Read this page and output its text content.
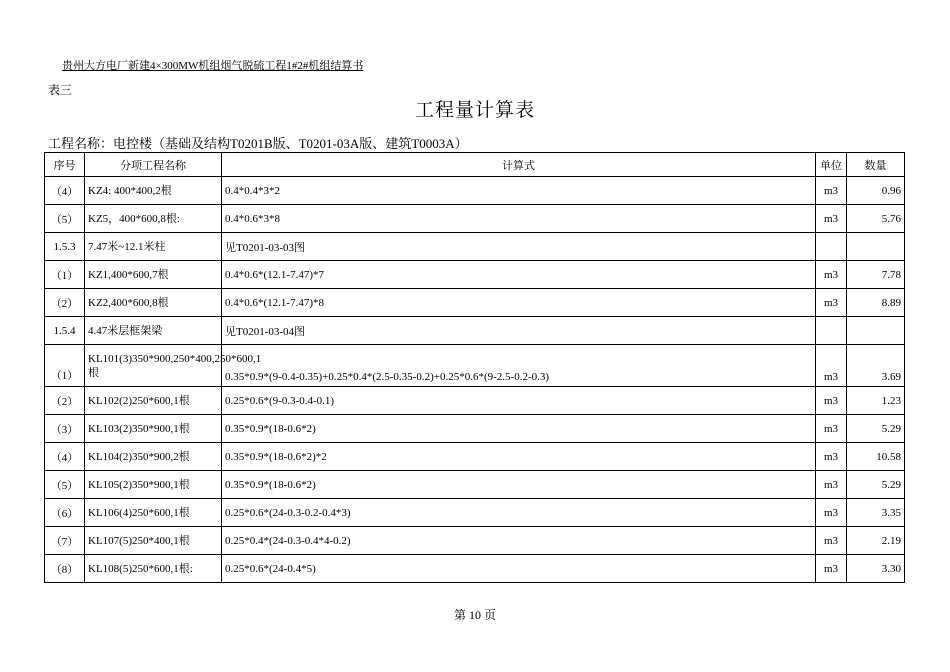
贵州大方电厂新建4×300MW机组烟气脱硫工程1#2#机组结算书
表三
工程量计算表
工程名称：电控楼（基础及结构T0201B版、T0201-03A版、建筑T0003A）
序号	分项工程名称	计算式	单位	数量
（4）	KZ4: 400*400,2根	0.4*0.4*3*2	m3	0.96
（5）	KZ5，400*600,8根:	0.4*0.6*3*8	m3	5.76
1.5.3	7.47米~12.1米柱	见T0201-03-03图		
（1）	KZ1,400*600,7根	0.4*0.6*(12.1-7.47)*7	m3	7.78
（2）	KZ2,400*600,8根	0.4*0.6*(12.1-7.47)*8	m3	8.89
1.5.4	4.47米层框架梁	见T0201-03-04图		
（1）	KL101(3)350*900,250*400,250*600,1根	0.35*0.9*(9-0.4-0.35)+0.25*0.4*(2.5-0.35-0.2)+0.25*0.6*(9-2.5-0.2-0.3)	m3	3.69
（2）	KL102(2)250*600,1根	0.25*0.6*(9-0.3-0.4-0.1)	m3	1.23
（3）	KL103(2)350*900,1根	0.35*0.9*(18-0.6*2)	m3	5.29
（4）	KL104(2)350*900,2根	0.35*0.9*(18-0.6*2)*2	m3	10.58
（5）	KL105(2)350*900,1根	0.35*0.9*(18-0.6*2)	m3	5.29
（6）	KL106(4)250*600,1根	0.25*0.6*(24-0.3-0.2-0.4*3)	m3	3.35
（7）	KL107(5)250*400,1根	0.25*0.4*(24-0.3-0.4*4-0.2)	m3	2.19
（8）	KL108(5)250*600,1根:	0.25*0.6*(24-0.4*5)	m3	3.30
第 10 页
